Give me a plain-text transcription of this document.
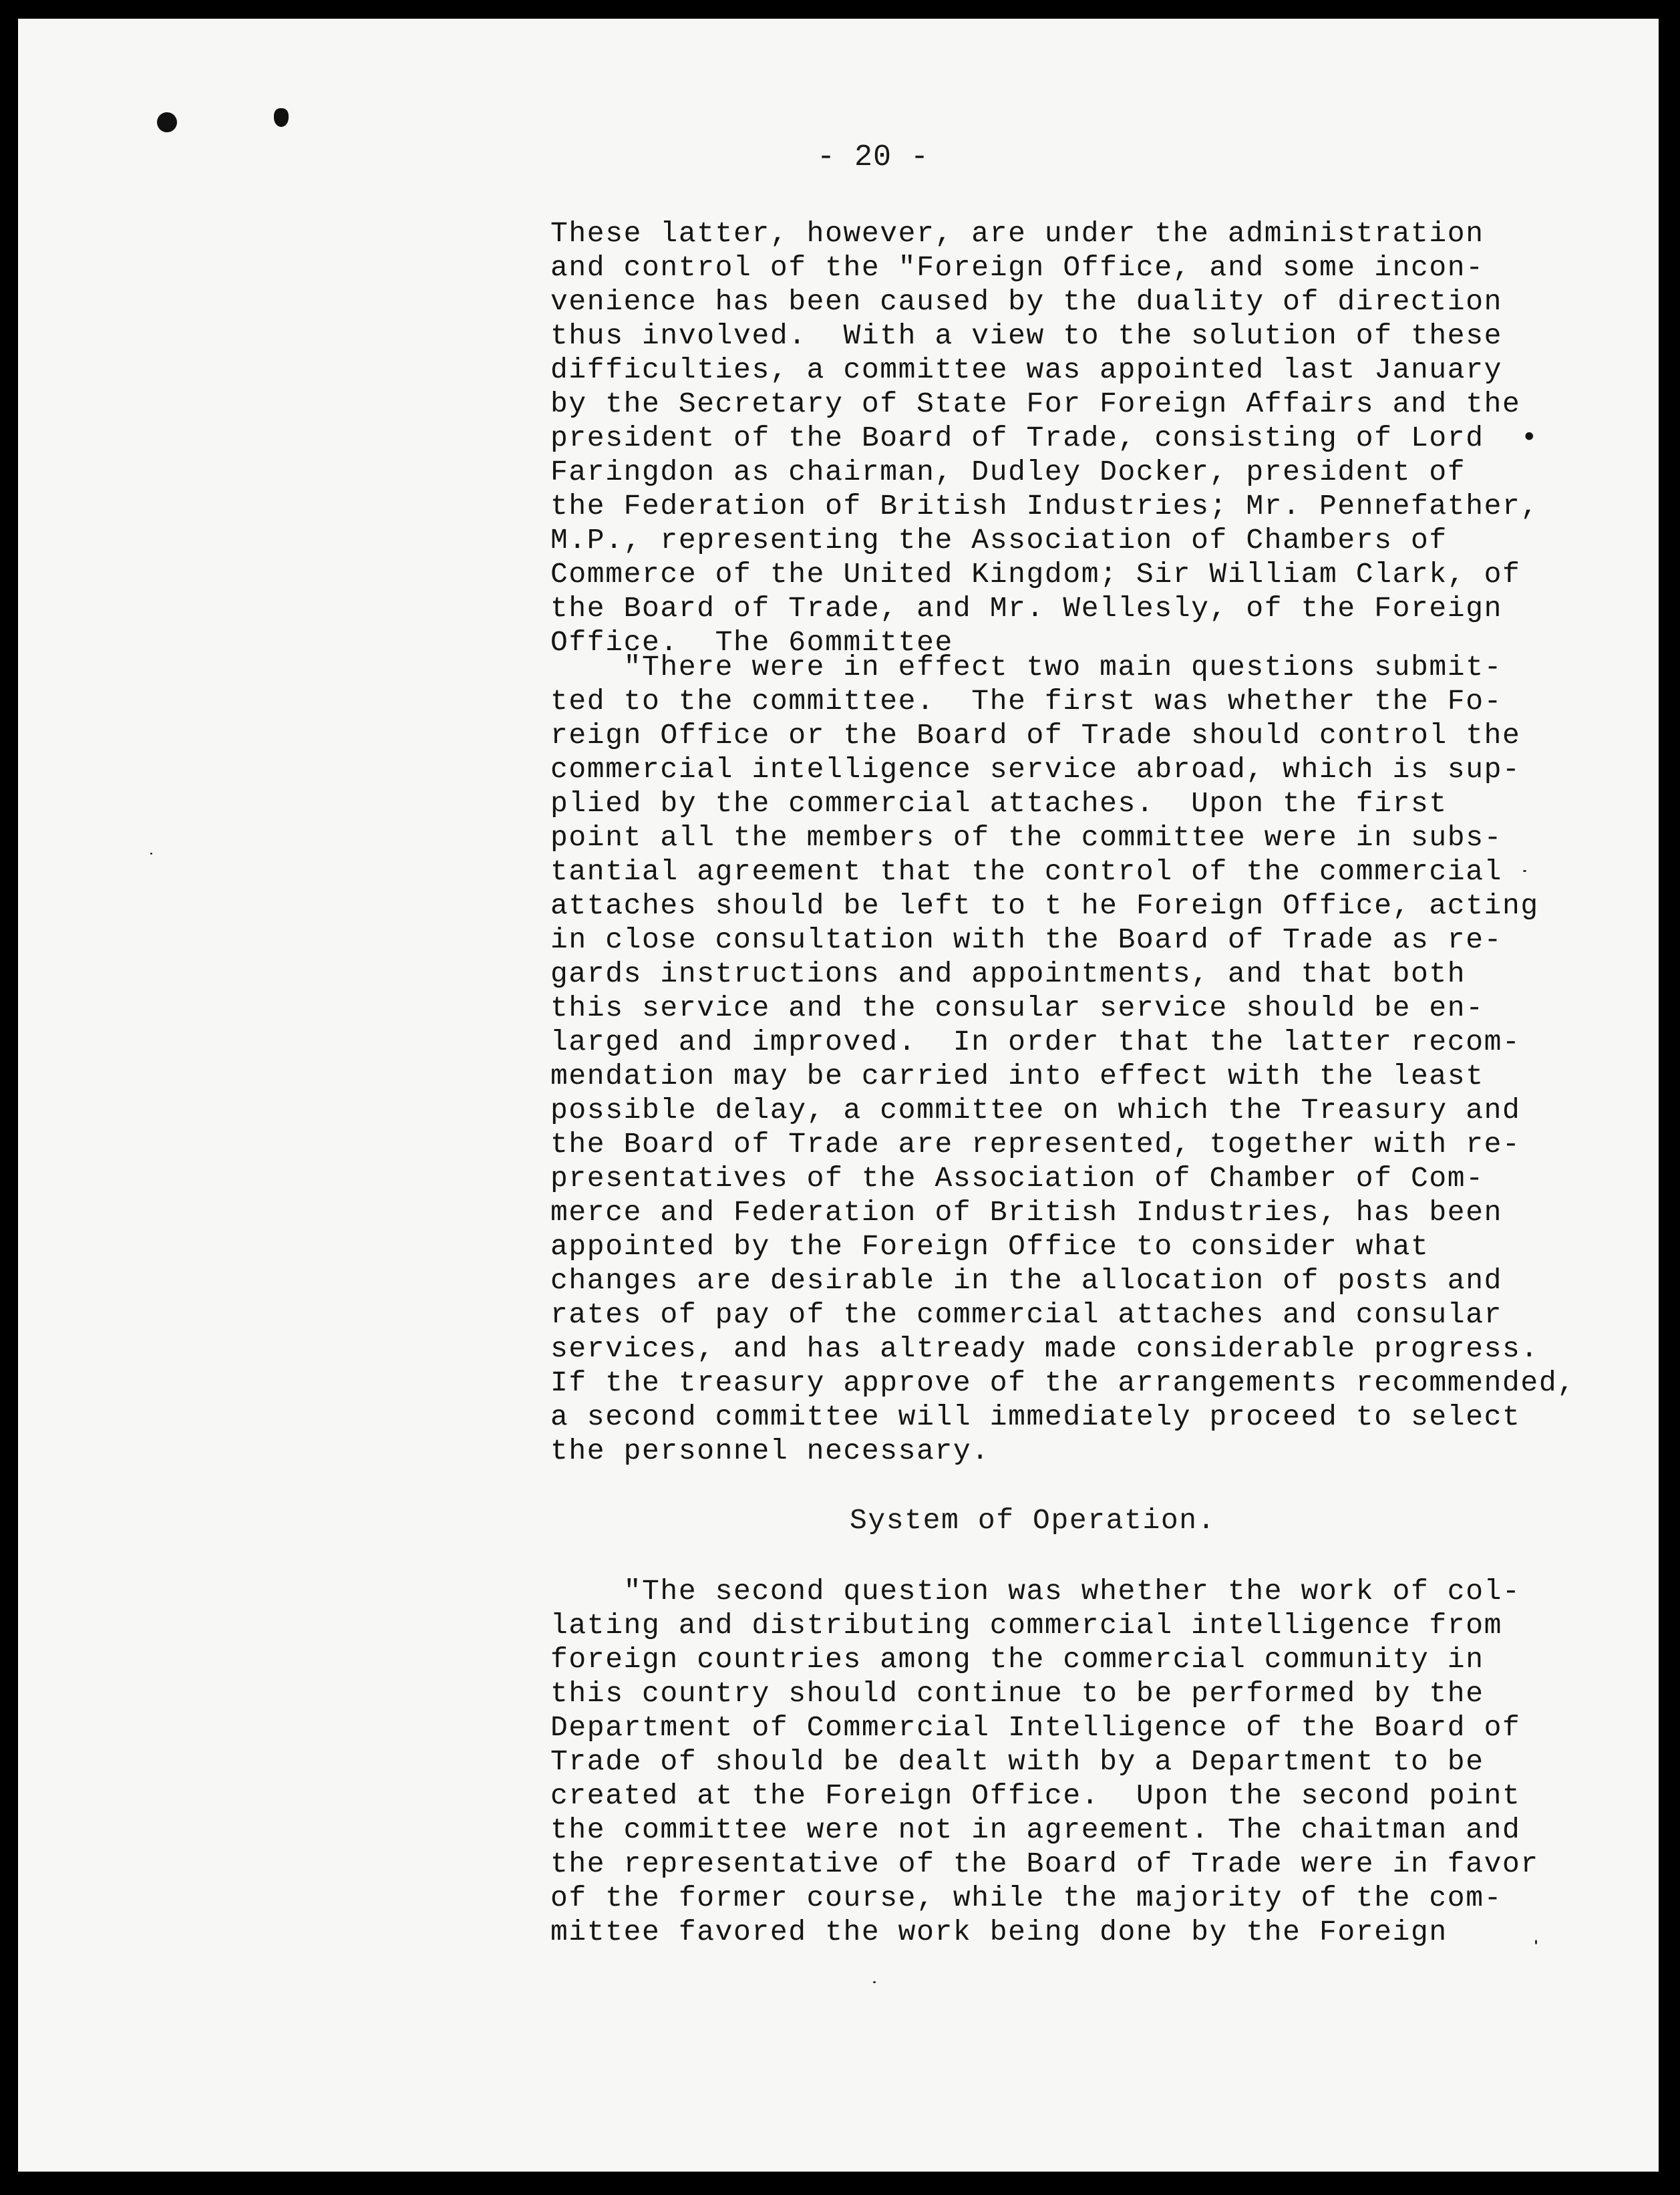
- 20 -
These latter, however, are under the administration
and control of the "Foreign Office, and some incon-
venience has been caused by the duality of direction
thus involved.  With a view to the solution of these
difficulties, a committee was appointed last January
by the Secretary of State For Foreign Affairs and the
president of the Board of Trade, consisting of Lord  •
Faringdon as chairman, Dudley Docker, president of
the Federation of British Industries; Mr. Pennefather,
M.P., representing the Association of Chambers of
Commerce of the United Kingdom; Sir William Clark, of
the Board of Trade, and Mr. Wellesly, of the Foreign
Office.  The 6ommittee
"There were in effect two main questions submit-
ted to the committee.  The first was whether the Fo-
reign Office or the Board of Trade should control the
commercial intelligence service abroad, which is sup-
plied by the commercial attaches.  Upon the first
point all the members of the committee were in subs-
tantial agreement that the control of the commercial
attaches should be left to t he Foreign Office, acting
in close consultation with the Board of Trade as re-
gards instructions and appointments, and that both
this service and the consular service should be en-
larged and improved.  In order that the latter recom-
mendation may be carried into effect with the least
possible delay, a committee on which the Treasury and
the Board of Trade are represented, together with re-
presentatives of the Association of Chamber of Com-
merce and Federation of British Industries, has been
appointed by the Foreign Office to consider what
changes are desirable in the allocation of posts and
rates of pay of the commercial attaches and consular
services, and has altready made considerable progress.
If the treasury approve of the arrangements recommended,
a second committee will immediately proceed to select
the personnel necessary.
System of Operation.
"The second question was whether the work of col-
lating and distributing commercial intelligence from
foreign countries among the commercial community in
this country should continue to be performed by the
Department of Commercial Intelligence of the Board of
Trade of should be dealt with by a Department to be
created at the Foreign Office.  Upon the second point
the committee were not in agreement. The chaitman and
the representative of the Board of Trade were in favor
of the former course, while the majority of the com-
mittee favored the work being done by the Foreign
